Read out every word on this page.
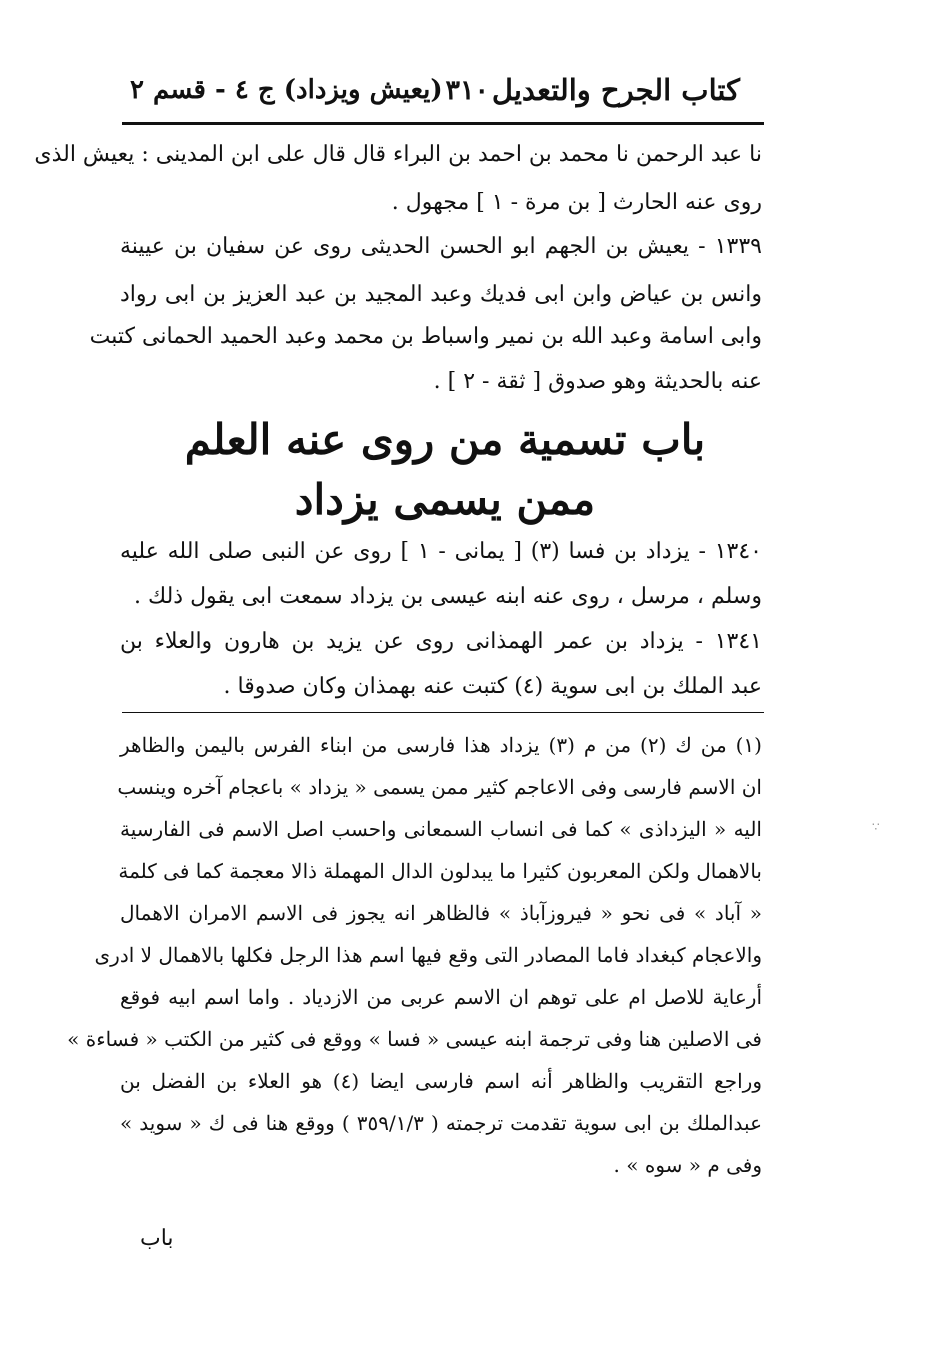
كتاب الجرح والتعديل
٣١٠
(يعيش ويزداد) ج ٤ - قسم ٢
نا عبد الرحمن نا محمد بن احمد بن البراء قال قال على ابن المدينى : يعيش الذى
روى عنه الحارث [ بن مرة - ١ ] مجهول .
١٣٣٩ - يعيش بن الجهم ابو الحسن الحديثى روى عن سفيان بن عيينة
وانس بن عياض وابن ابى فديك وعبد المجيد بن عبد العزيز بن ابى رواد
وابى اسامة وعبد الله بن نمير واسباط بن محمد وعبد الحميد الحمانى كتبت
عنه بالحديثة وهو صدوق [ ثقة - ٢ ] .
باب تسمية من روى عنه العلم
ممن يسمى يزداد
١٣٤٠ - يزداد بن فسا (٣) [ يمانى - ١ ] روى عن النبى صلى الله عليه
وسلم ، مرسل ، روى عنه ابنه عيسى بن يزداد سمعت ابى يقول ذلك .
١٣٤١ - يزداد بن عمر الهمذانى روى عن يزيد بن هارون والعلاء بن
عبد الملك بن ابى سوية (٤) كتبت عنه بهمذان وكان صدوقا .
(١) من ك (٢) من م (٣) يزداد هذا فارسى من ابناء الفرس باليمن والظاهر
ان الاسم فارسى وفى الاعاجم كثير ممن يسمى « يزداد » باعجام آخره وينسب
اليه « اليزداذى » كما فى انساب السمعانى واحسب اصل الاسم فى الفارسية
بالاهمال ولكن المعربون كثيرا ما يبدلون الدال المهملة ذالا معجمة كما فى كلمة
« آباد » فى نحو « فيروزآباذ » فالظاهر انه يجوز فى الاسم الامران الاهمال
والاعجام كبغداد فاما المصادر التى وقع فيها اسم هذا الرجل فكلها بالاهمال لا ادرى
أرعاية للاصل ام على توهم ان الاسم عربى من الازدياد . واما اسم ابيه فوقع
فى الاصلين هنا وفى ترجمة ابنه عيسى « فسا » ووقع فى كثير من الكتب « فساءة »
وراجع التقريب والظاهر أنه اسم فارسى ايضا (٤) هو العلاء بن الفضل بن
عبدالملك بن ابى سوية تقدمت ترجمته ( ٣٥٩/١/٣ ) ووقع هنا فى ك « سويد »
وفى م « سوه » .
باب
∵
